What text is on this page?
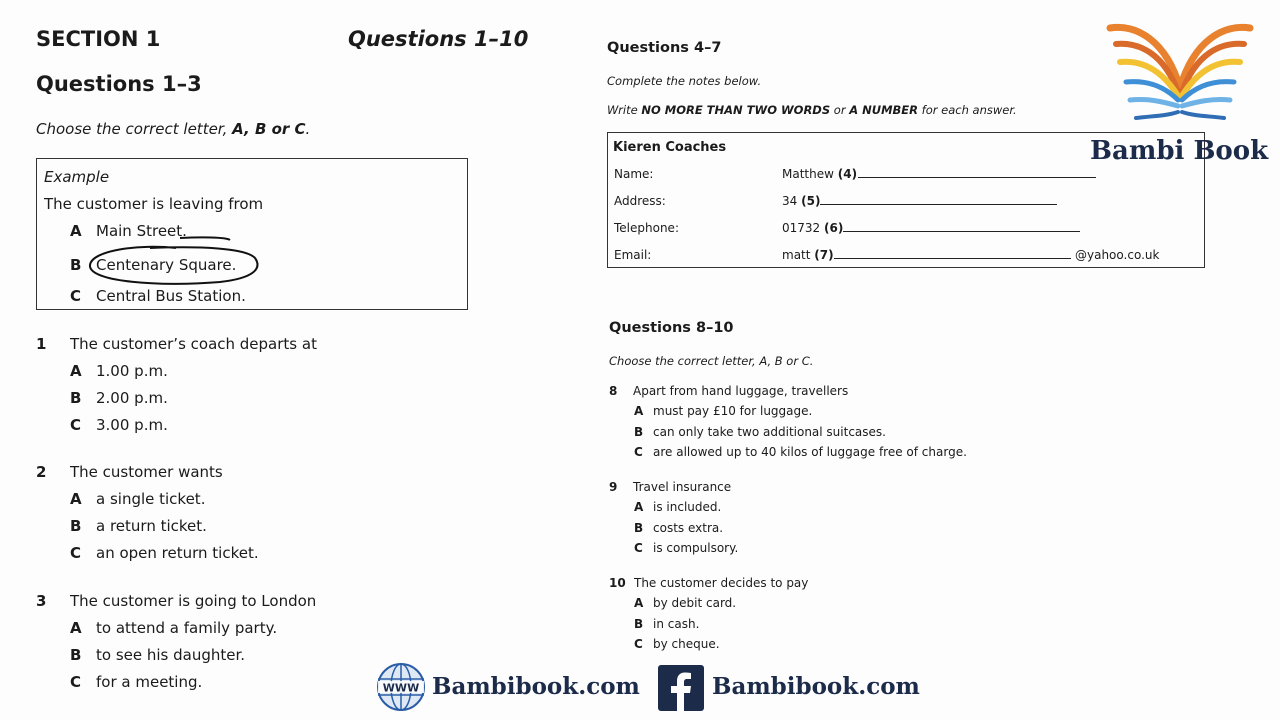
SECTION 1	Questions 1–10
Questions 1–3
Choose the correct letter, A, B or C.
Example
The customer is leaving from
A Main Street.
B Centenary Square.
C Central Bus Station.
1 The customer’s coach departs at
A 1.00 p.m.
B 2.00 p.m.
C 3.00 p.m.
2 The customer wants
A a single ticket.
B a return ticket.
C an open return ticket.
3 The customer is going to London
A to attend a family party.
B to see his daughter.
C for a meeting.
Questions 4–7
Complete the notes below.
Write NO MORE THAN TWO WORDS or A NUMBER for each answer.
Kieren Coaches
Name:	Matthew (4)
Address:	34 (5)
Telephone:	01732 (6)
Email:	matt (7)	@yahoo.co.uk
Questions 8–10
Choose the correct letter, A, B or C.
8 Apart from hand luggage, travellers
A must pay £10 for luggage.
B can only take two additional suitcases.
C are allowed up to 40 kilos of luggage free of charge.
9 Travel insurance
A is included.
B costs extra.
C is compulsory.
10 The customer decides to pay
A by debit card.
B in cash.
C by cheque.
Bambi Book
WWW Bambibook.com	Bambibook.com
